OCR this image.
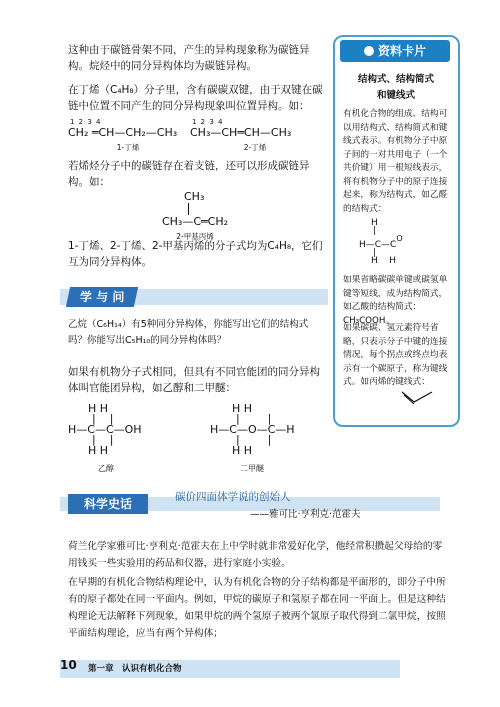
这种由于碳链骨架不同，产生的异构现象称为碳链异构。烷烃中的同分异构体均为碳链异构。
在丁烯（C₄H₈）分子里，含有碳碳双键，由于双键在碳链中位置不同产生的同分异构现象叫位置异构。如：
1 2 3 4
CH₂ ═CH—CH₂—CH₃
1-丁烯
1 2 3 4
CH₃—CH═CH—CH₃
2-丁烯
若烯烃分子中的碳链存在着支链，还可以形成碳链异构。如：
CH₃
CH₃—C═CH₂
2-甲基丙烯
1-丁烯、2-丁烯、2-甲基丙烯的分子式均为C₄H₈，它们互为同分异构体。
学 与 问
乙烷（C₆H₁₄）有5种同分异构体，你能写出它们的结构式吗？你能写出C₅H₁₀的同分异构体吗？
如果有机物分子式相同，但具有不同官能团的同分异构体叫官能团异构，如乙醇和二甲醚：
H H
|    |
H—C—C—OH
|    |
H H
乙醇
H H
|        |
H—C—O—C—H
|        |
H H
二甲醚
资料卡片
结构式、结构简式
和键线式
有机化合物的组成、结构可以用结构式、结构简式和键线式表示。有机物分子中原子间的一对共用电子（一个共价键）用一根短线表示，将有机物分子中的原子连接起来，称为结构式，如乙醛的结构式：
H
|
H—C—CO
|
H H
如果省略碳碳单键或碳氢单键等短线，成为结构简式，如乙酸的结构简式：CH₃COOH。
如果碳碳、氢元素符号省略，只表示分子中键的连接情况，每个拐点或终点均表示有一个碳原子，称为键线式。如丙烯的键线式：
科学史话	碳价四面体学说的创始人
——雅可比·亨利克·范霍夫
荷兰化学家雅可比·亨利克·范霍夫在上中学时就非常爱好化学，他经常积攒起父母给的零用钱买一些实验用的药品和仪器，进行家庭小实验。
在早期的有机化合物结构理论中，认为有机化合物的分子结构都是平面形的，即分子中所有的原子都处在同一平面内。例如，甲烷的碳原子和氢原子都在同一平面上。但是这种结构理论无法解释下列现象，如果甲烷的两个氢原子被两个氯原子取代得到二氯甲烷，按照平面结构理论，应当有两个异构体；
10 第一章　认识有机化合物
